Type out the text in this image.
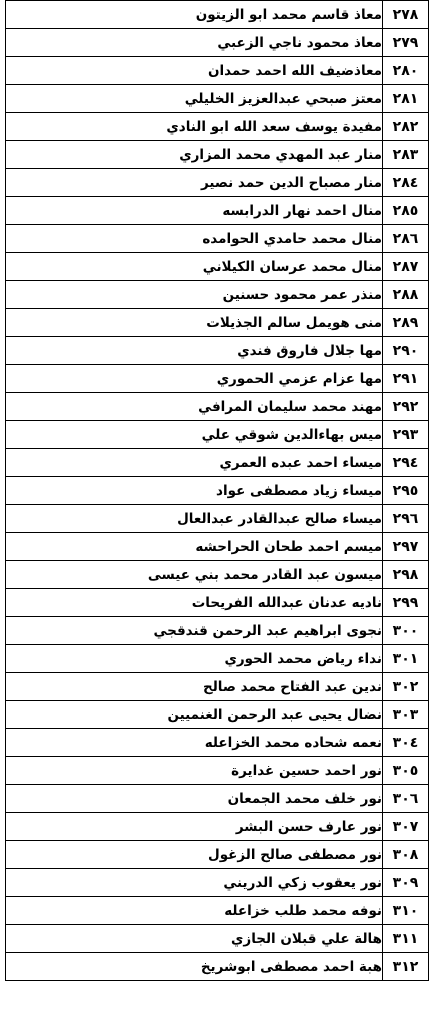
٢٧٨	معاذ قاسم محمد ابو الزيتون
٢٧٩	معاذ محمود ناجي الزعبي
٢٨٠	معاذضيف الله احمد حمدان
٢٨١	معتز صبحي عبدالعزيز الخليلي
٢٨٢	مفيدة يوسف سعد الله ابو النادي
٢٨٣	منار عبد المهدي محمد المزاري
٢٨٤	منار مصباح الدين حمد نصير
٢٨٥	منال احمد نهار الدرابسه
٢٨٦	منال محمد حامدي الحوامده
٢٨٧	منال محمد عرسان الكيلاني
٢٨٨	منذر عمر محمود حسنين
٢٨٩	منى هويمل سالم الجذيلات
٢٩٠	مها جلال فاروق فندي
٢٩١	مها عزام عزمي الحموري
٢٩٢	مهند محمد سليمان المرافي
٢٩٣	ميس بهاءالدين شوقي علي
٢٩٤	ميساء احمد عبده العمري
٢٩٥	ميساء زياد مصطفى عواد
٢٩٦	ميساء صالح عبدالقادر عبدالعال
٢٩٧	ميسم احمد طحان الحراحشه
٢٩٨	ميسون عبد القادر محمد بني عيسى
٢٩٩	ناديه عدنان عبدالله الفريحات
٣٠٠	نجوى ابراهيم عبد الرحمن قندقجي
٣٠١	نداء رياض محمد الحوري
٣٠٢	ندين عبد الفتاح محمد صالح
٣٠٣	نضال يحيى عبد الرحمن الغنميين
٣٠٤	نعمه شحاده محمد الخزاعله
٣٠٥	نور احمد حسين غدايرة
٣٠٦	نور خلف محمد الجمعان
٣٠٧	نور عارف حسن البشر
٣٠٨	نور مصطفى صالح الزغول
٣٠٩	نور يعقوب زكي الدريني
٣١٠	نوفه محمد طلب خزاعله
٣١١	هالة علي قبلان الجازي
٣١٢	هبة احمد مصطفى ابوشريخ
